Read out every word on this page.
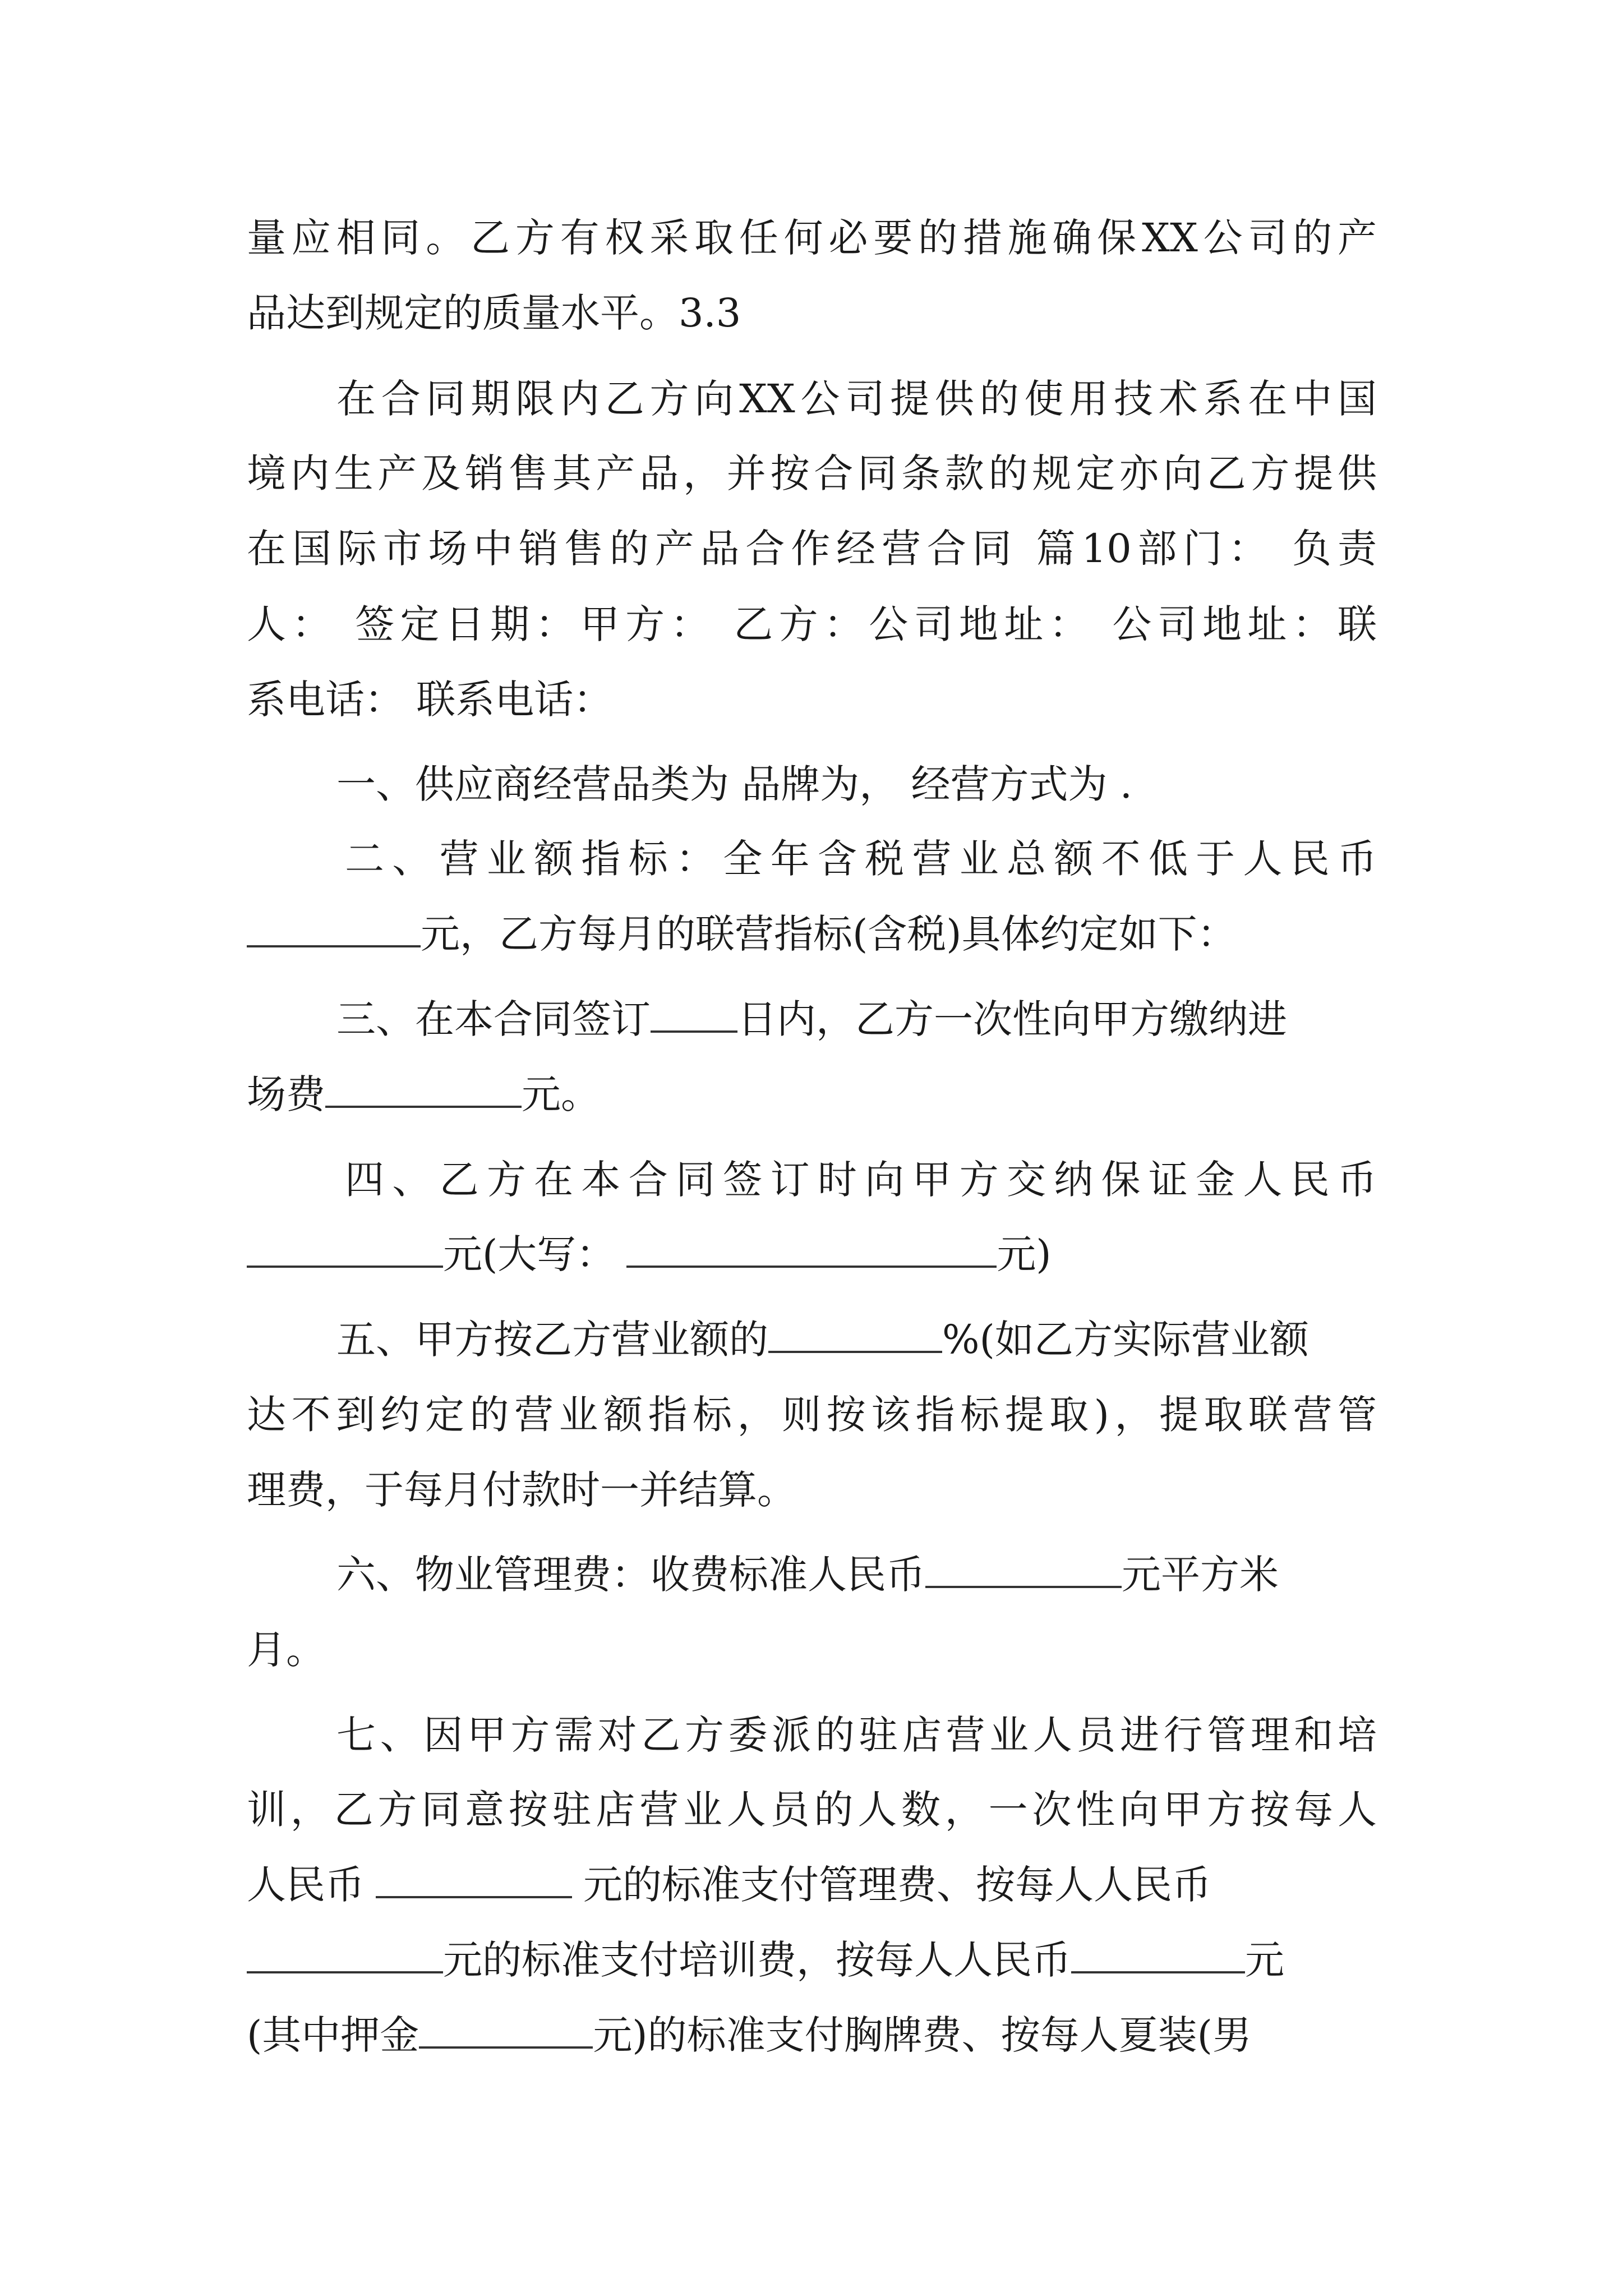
量应相同。乙方有权采取任何必要的措施确保XX公司的产
品达到规定的质量水平。3.3
在合同期限内乙方向XX公司提供的使用技术系在中国
境内生产及销售其产品，并按合同条款的规定亦向乙方提供
在国际市场中销售的产品合作经营合同 篇10部门： 负责
人： 签定日期：甲方： 乙方：公司地址： 公司地址：联
系电话： 联系电话：
一、供应商经营品类为 品牌为， 经营方式为 .
二、营业额指标：全年含税营业总额不低于人民币
元，乙方每月的联营指标(含税)具体约定如下：
三、在本合同签订 日内，乙方一次性向甲方缴纳进
场费	元。
四、乙方在本合同签订时向甲方交纳保证金人民币
元(大写：	元)
五、甲方按乙方营业额的	%(如乙方实际营业额
达不到约定的营业额指标，则按该指标提取)，提取联营管
理费，于每月付款时一并结算。
六、物业管理费：收费标准人民币	元平方米
月。
七、因甲方需对乙方委派的驻店营业人员进行管理和培
训，乙方同意按驻店营业人员的人数，一次性向甲方按每人
人民币	元的标准支付管理费、按每人人民币
元的标准支付培训费，按每人人民币	元
(其中押金	元)的标准支付胸牌费、按每人夏装(男
